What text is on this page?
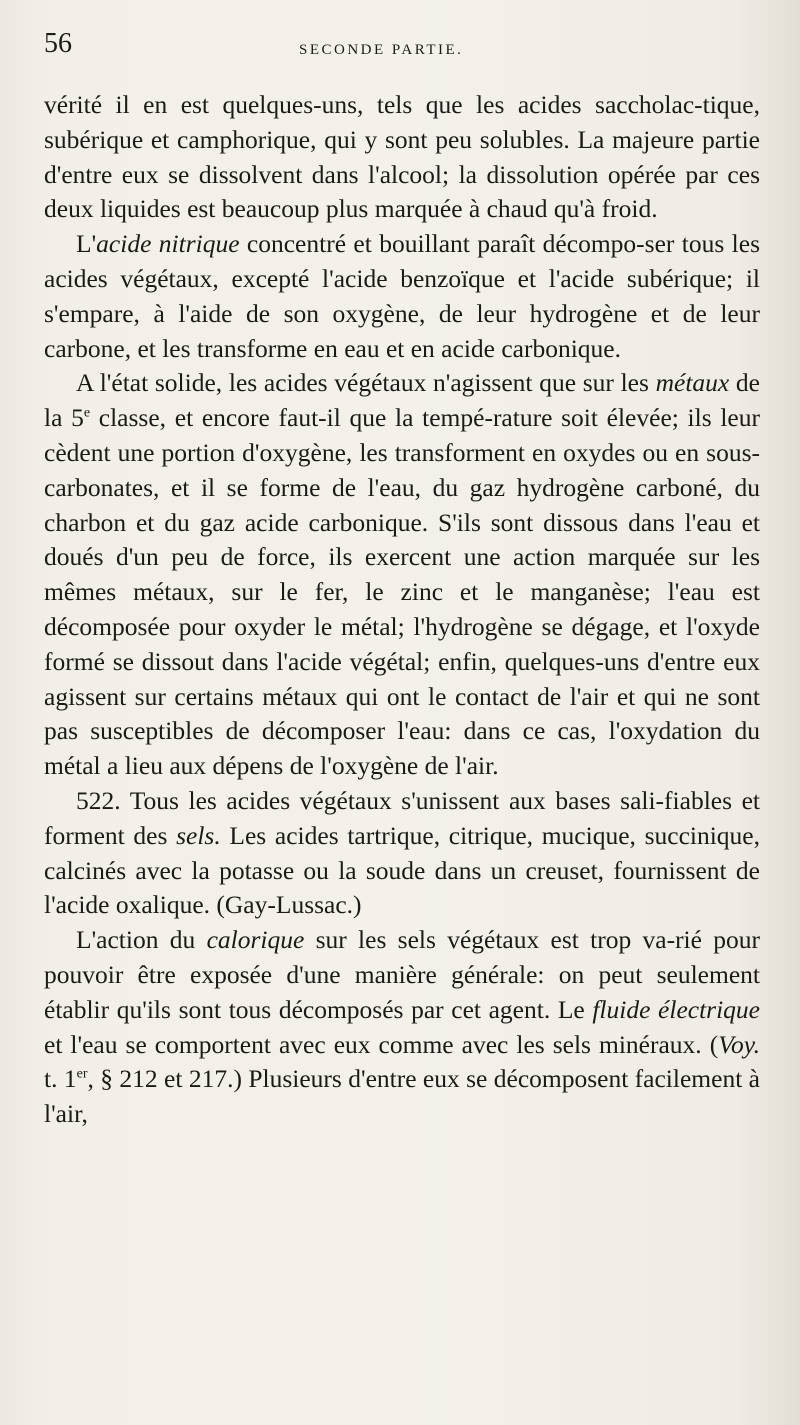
56	SECONDE PARTIE.

vérité il en est quelques-uns, tels que les acides saccholac-tique, subérique et camphorique, qui y sont peu solubles. La majeure partie d'entre eux se dissolvent dans l'alcool; la dissolution opérée par ces deux liquides est beaucoup plus marquée à chaud qu'à froid.

L'acide nitrique concentré et bouillant paraît décompo-ser tous les acides végétaux, excepté l'acide benzoïque et l'acide subérique; il s'empare, à l'aide de son oxygène, de leur hydrogène et de leur carbone, et les transforme en eau et en acide carbonique.

A l'état solide, les acides végétaux n'agissent que sur les métaux de la 5e classe, et encore faut-il que la tempé-rature soit élevée; ils leur cèdent une portion d'oxygène, les transforment en oxydes ou en sous-carbonates, et il se forme de l'eau, du gaz hydrogène carboné, du charbon et du gaz acide carbonique. S'ils sont dissous dans l'eau et doués d'un peu de force, ils exercent une action marquée sur les mêmes métaux, sur le fer, le zinc et le manganèse; l'eau est décomposée pour oxyder le métal; l'hydrogène se dégage, et l'oxyde formé se dissout dans l'acide végétal; enfin, quelques-uns d'entre eux agissent sur certains métaux qui ont le contact de l'air et qui ne sont pas susceptibles de décomposer l'eau: dans ce cas, l'oxydation du métal a lieu aux dépens de l'oxygène de l'air.

522. Tous les acides végétaux s'unissent aux bases sali-fiables et forment des sels. Les acides tartrique, citrique, mucique, succinique, calcinés avec la potasse ou la soude dans un creuset, fournissent de l'acide oxalique. (Gay-Lussac.)

L'action du calorique sur les sels végétaux est trop va-rié pour pouvoir être exposée d'une manière générale: on peut seulement établir qu'ils sont tous décomposés par cet agent. Le fluide électrique et l'eau se comportent avec eux comme avec les sels minéraux. (Voy. t. 1er, § 212 et 217.) Plusieurs d'entre eux se décomposent facilement à l'air,
